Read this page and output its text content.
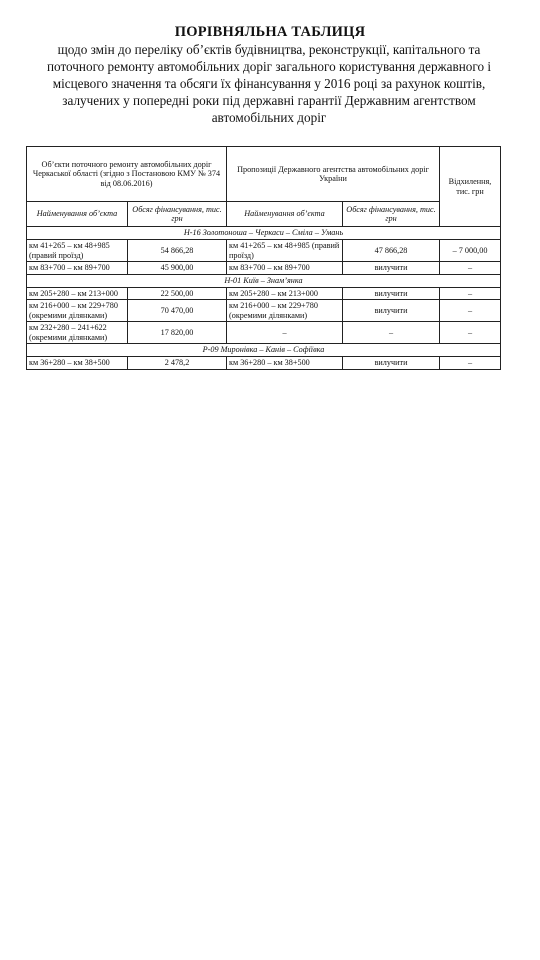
ПОРІВНЯЛЬНА ТАБЛИЦЯ
щодо змін до переліку об’єктів будівництва, реконструкції, капітального та поточного ремонту автомобільних доріг загального користування державного і місцевого значення та обсяги їх фінансування у 2016 році за рахунок коштів, залучених у попередні роки під державні гарантії Державним агентством автомобільних доріг
Об’єкти поточного ремонту автомобільних доріг Черкаської області (згідно з Постановою КМУ № 374 від 08.06.2016)		Пропозиції Державного агентства автомобільних доріг України		Відхилення, тис. грн
Найменування об’єкта	Обсяг фінансування, тис. грн	Найменування об’єкта	Обсяг фінансування, тис. грн	
Н-16 Золотоноша – Черкаси – Сміла – Умань				
км 41+265 – км 48+985 (правий проїзд)	54 866,28	км 41+265 – км 48+985 (правий проїзд)	47 866,28	– 7 000,00
км 83+700 – км 89+700	45 900,00	км 83+700 – км 89+700	вилучити	–
Н-01 Київ – Знам’янка				
км 205+280 – км 213+000	22 500,00	км 205+280 – км 213+000	вилучити	–
км 216+000 – км 229+780 (окремими ділянками)	70 470,00	км 216+000 – км 229+780 (окремими ділянками)	вилучити	–
км 232+280 – 241+622 (окремими ділянками)	17 820,00	–	–	–
Р-09 Миронівка – Канів – Софіївка				
км 36+280 – км 38+500	2 478,2	км 36+280 – км 38+500	вилучити	–
